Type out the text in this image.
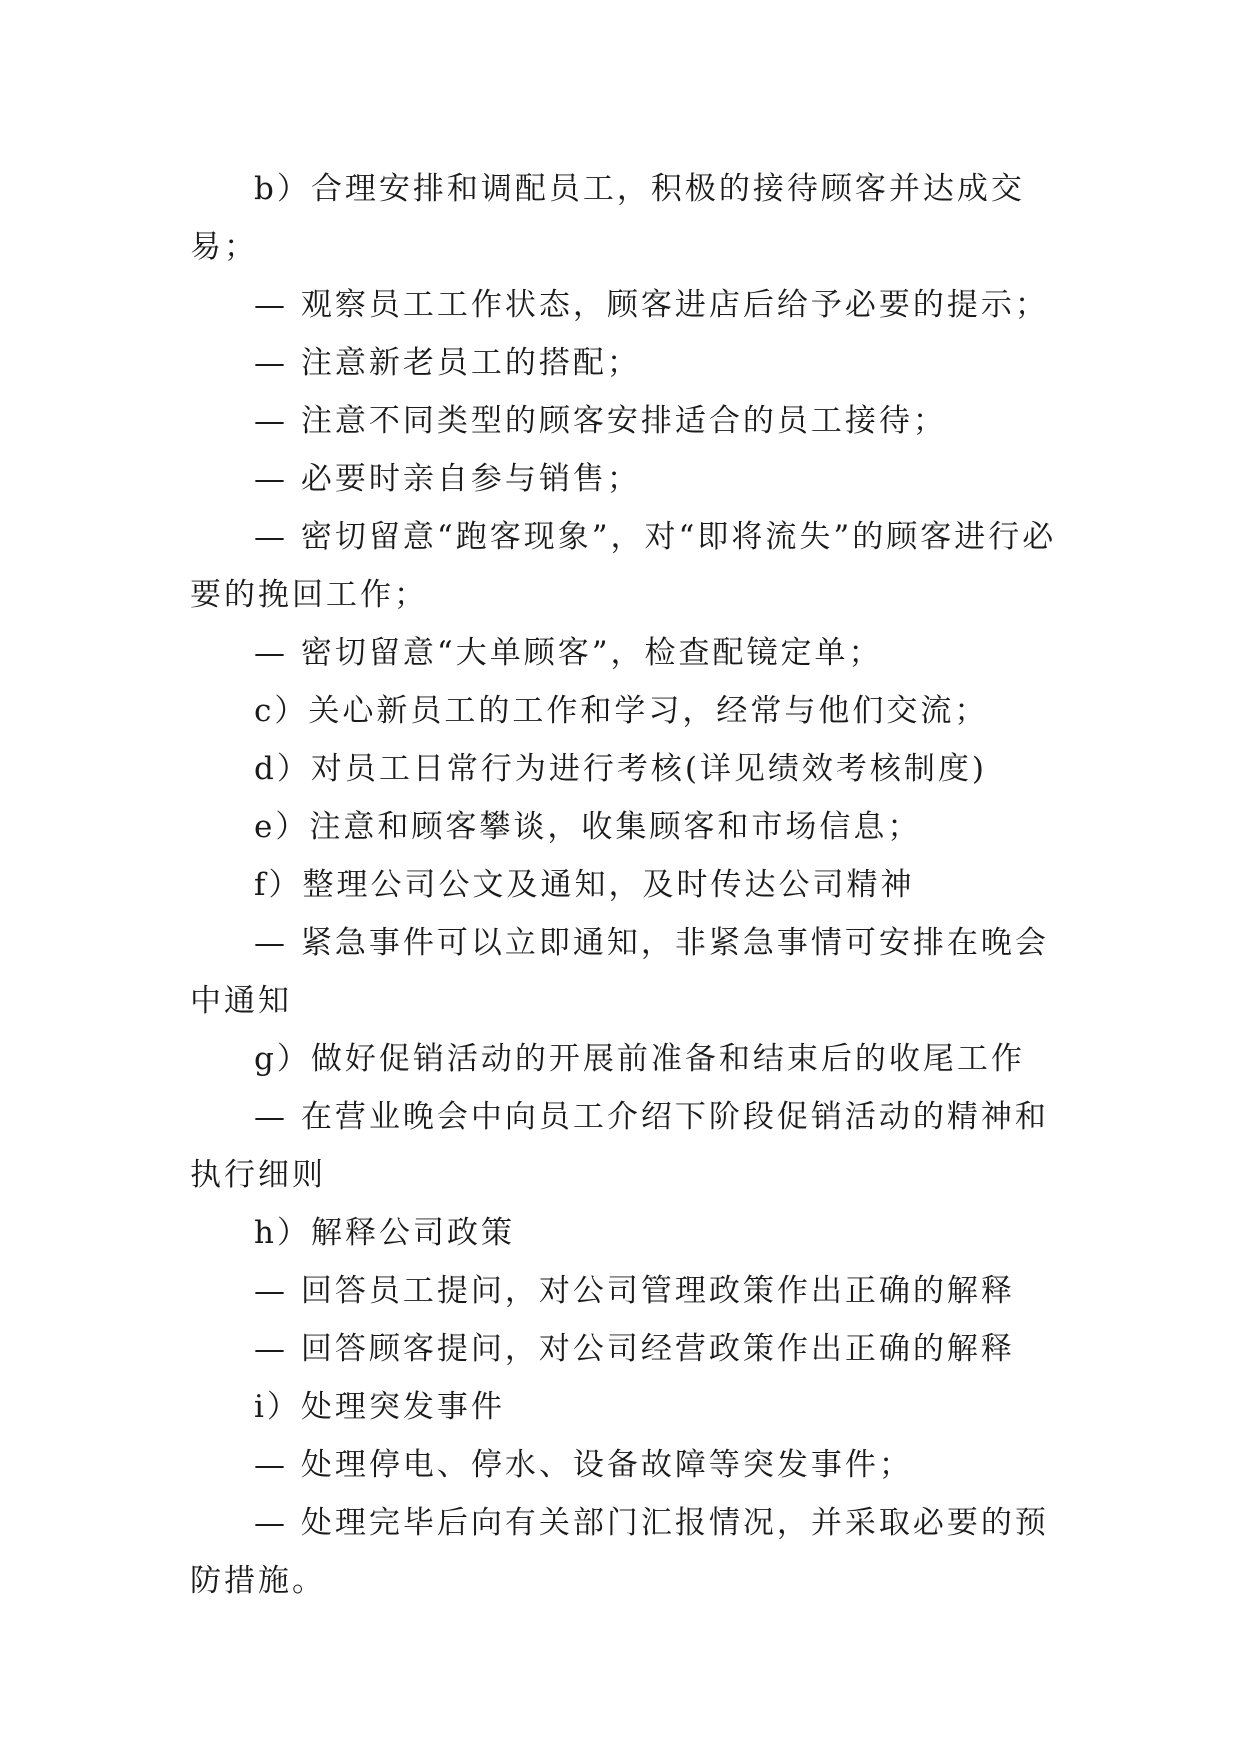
b）合理安排和调配员工，积极的接待顾客并达成交易；

— 观察员工工作状态，顾客进店后给予必要的提示；

— 注意新老员工的搭配；

— 注意不同类型的顾客安排适合的员工接待；

— 必要时亲自参与销售；

— 密切留意“跑客现象”，对“即将流失”的顾客进行必要的挽回工作；

— 密切留意“大单顾客”，检查配镜定单；

c）关心新员工的工作和学习，经常与他们交流；

d）对员工日常行为进行考核(详见绩效考核制度)

e）注意和顾客攀谈，收集顾客和市场信息；

f）整理公司公文及通知，及时传达公司精神

— 紧急事件可以立即通知，非紧急事情可安排在晚会中通知

g）做好促销活动的开展前准备和结束后的收尾工作

— 在营业晚会中向员工介绍下阶段促销活动的精神和执行细则

h）解释公司政策

— 回答员工提问，对公司管理政策作出正确的解释

— 回答顾客提问，对公司经营政策作出正确的解释

i）处理突发事件

— 处理停电、停水、设备故障等突发事件；

— 处理完毕后向有关部门汇报情况，并采取必要的预防措施。
